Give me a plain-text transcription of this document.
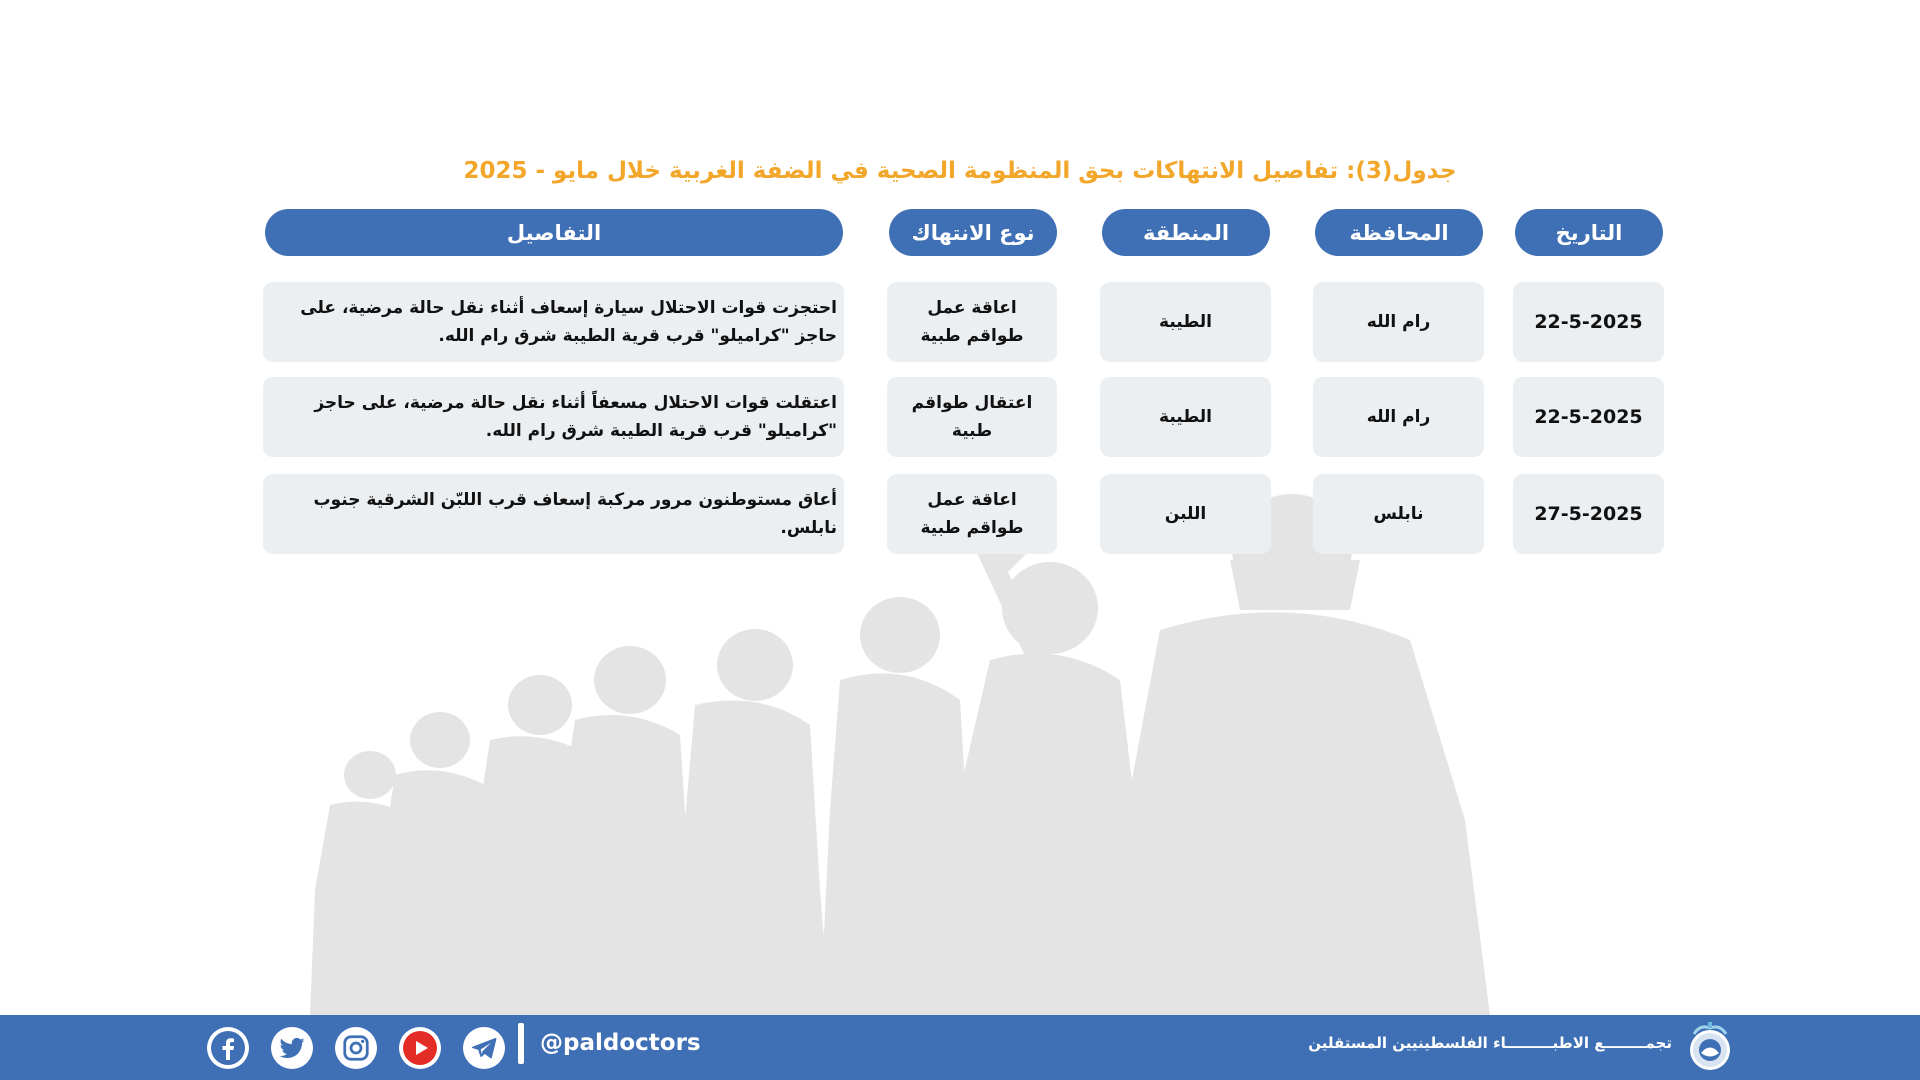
جدول(3): تفاصيل الانتهاكات بحق المنظومة الصحية في الضفة الغربية خلال مايو - 2025
التاريخ
المحافظة
المنطقة
نوع الانتهاك
التفاصيل
22-5-2025
رام الله
الطيبة
اعاقة عمل طواقم طبية
احتجزت قوات الاحتلال سيارة إسعاف أثناء نقل حالة مرضية، على حاجز "كراميلو" قرب قرية الطيبة شرق رام الله.
22-5-2025
رام الله
الطيبة
اعتقال طواقم طبية
اعتقلت قوات الاحتلال مسعفاً أثناء نقل حالة مرضية، على حاجز "كراميلو" قرب قرية الطيبة شرق رام الله.
27-5-2025
نابلس
اللبن
اعاقة عمل طواقم طبية
أعاق مستوطنون مرور مركبة إسعاف قرب اللبّن الشرقية جنوب نابلس.
@paldoctors	تجمــــــــع الاطبـــــــــاء الفلسطينيين المستقلين
